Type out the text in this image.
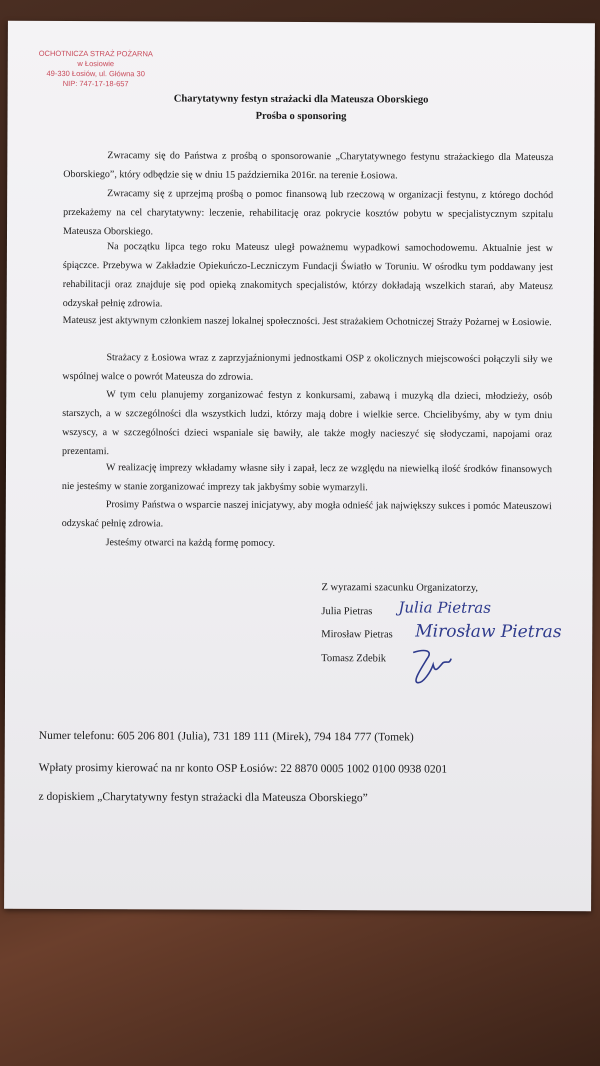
OCHOTNICZA STRAŻ POŻARNA
w Łosiowie
49-330 Łosiów, ul. Główna 30
NIP: 747-17-18-657
Charytatywny festyn strażacki dla Mateusza Oborskiego
Prośba o sponsoring
Zwracamy się do Państwa z prośbą o sponsorowanie „Charytatywnego festynu strażackiego dla Mateusza Oborskiego”, który odbędzie się w dniu 15 października 2016r. na terenie Łosiowa.
Zwracamy się z uprzejmą prośbą o pomoc finansową lub rzeczową w organizacji festynu, z którego dochód przekażemy na cel charytatywny: leczenie, rehabilitację oraz pokrycie kosztów pobytu w specjalistycznym szpitalu Mateusza Oborskiego.
Na początku lipca tego roku Mateusz uległ poważnemu wypadkowi samochodowemu. Aktualnie jest w śpiączce. Przebywa w Zakładzie Opiekuńczo-Leczniczym Fundacji Światło w Toruniu. W ośrodku tym poddawany jest rehabilitacji oraz znajduje się pod opieką znakomitych specjalistów, którzy dokładają wszelkich starań, aby Mateusz odzyskał pełnię zdrowia.
Mateusz jest aktywnym członkiem naszej lokalnej społeczności. Jest strażakiem Ochotniczej Straży Pożarnej w Łosiowie.
Strażacy z Łosiowa wraz z zaprzyjaźnionymi jednostkami OSP z okolicznych miejscowości połączyli siły we wspólnej walce o powrót Mateusza do zdrowia.
W tym celu planujemy zorganizować festyn z konkursami, zabawą i muzyką dla dzieci, młodzieży, osób starszych, a w szczególności dla wszystkich ludzi, którzy mają dobre i wielkie serce. Chcielibyśmy, aby w tym dniu wszyscy, a w szczególności dzieci wspaniale się bawiły, ale także mogły nacieszyć się słodyczami, napojami oraz prezentami.
W realizację imprezy wkładamy własne siły i zapał, lecz ze względu na niewielką ilość środków finansowych nie jesteśmy w stanie zorganizować imprezy tak jakbyśmy sobie wymarzyli.
Prosimy Państwa o wsparcie naszej inicjatywy, aby mogła odnieść jak największy sukces i pomóc Mateuszowi odzyskać pełnię zdrowia.
Jesteśmy otwarci na każdą formę pomocy.
Z wyrazami szacunku Organizatorzy,
Julia Pietras
Mirosław Pietras
Tomasz Zdebik
Julia Pietras
Mirosław Pietras
Numer telefonu: 605 206 801 (Julia), 731 189 111 (Mirek), 794 184 777 (Tomek)
Wpłaty prosimy kierować na nr konto OSP Łosiów: 22 8870 0005 1002 0100 0938 0201
z dopiskiem „Charytatywny festyn strażacki dla Mateusza Oborskiego”
